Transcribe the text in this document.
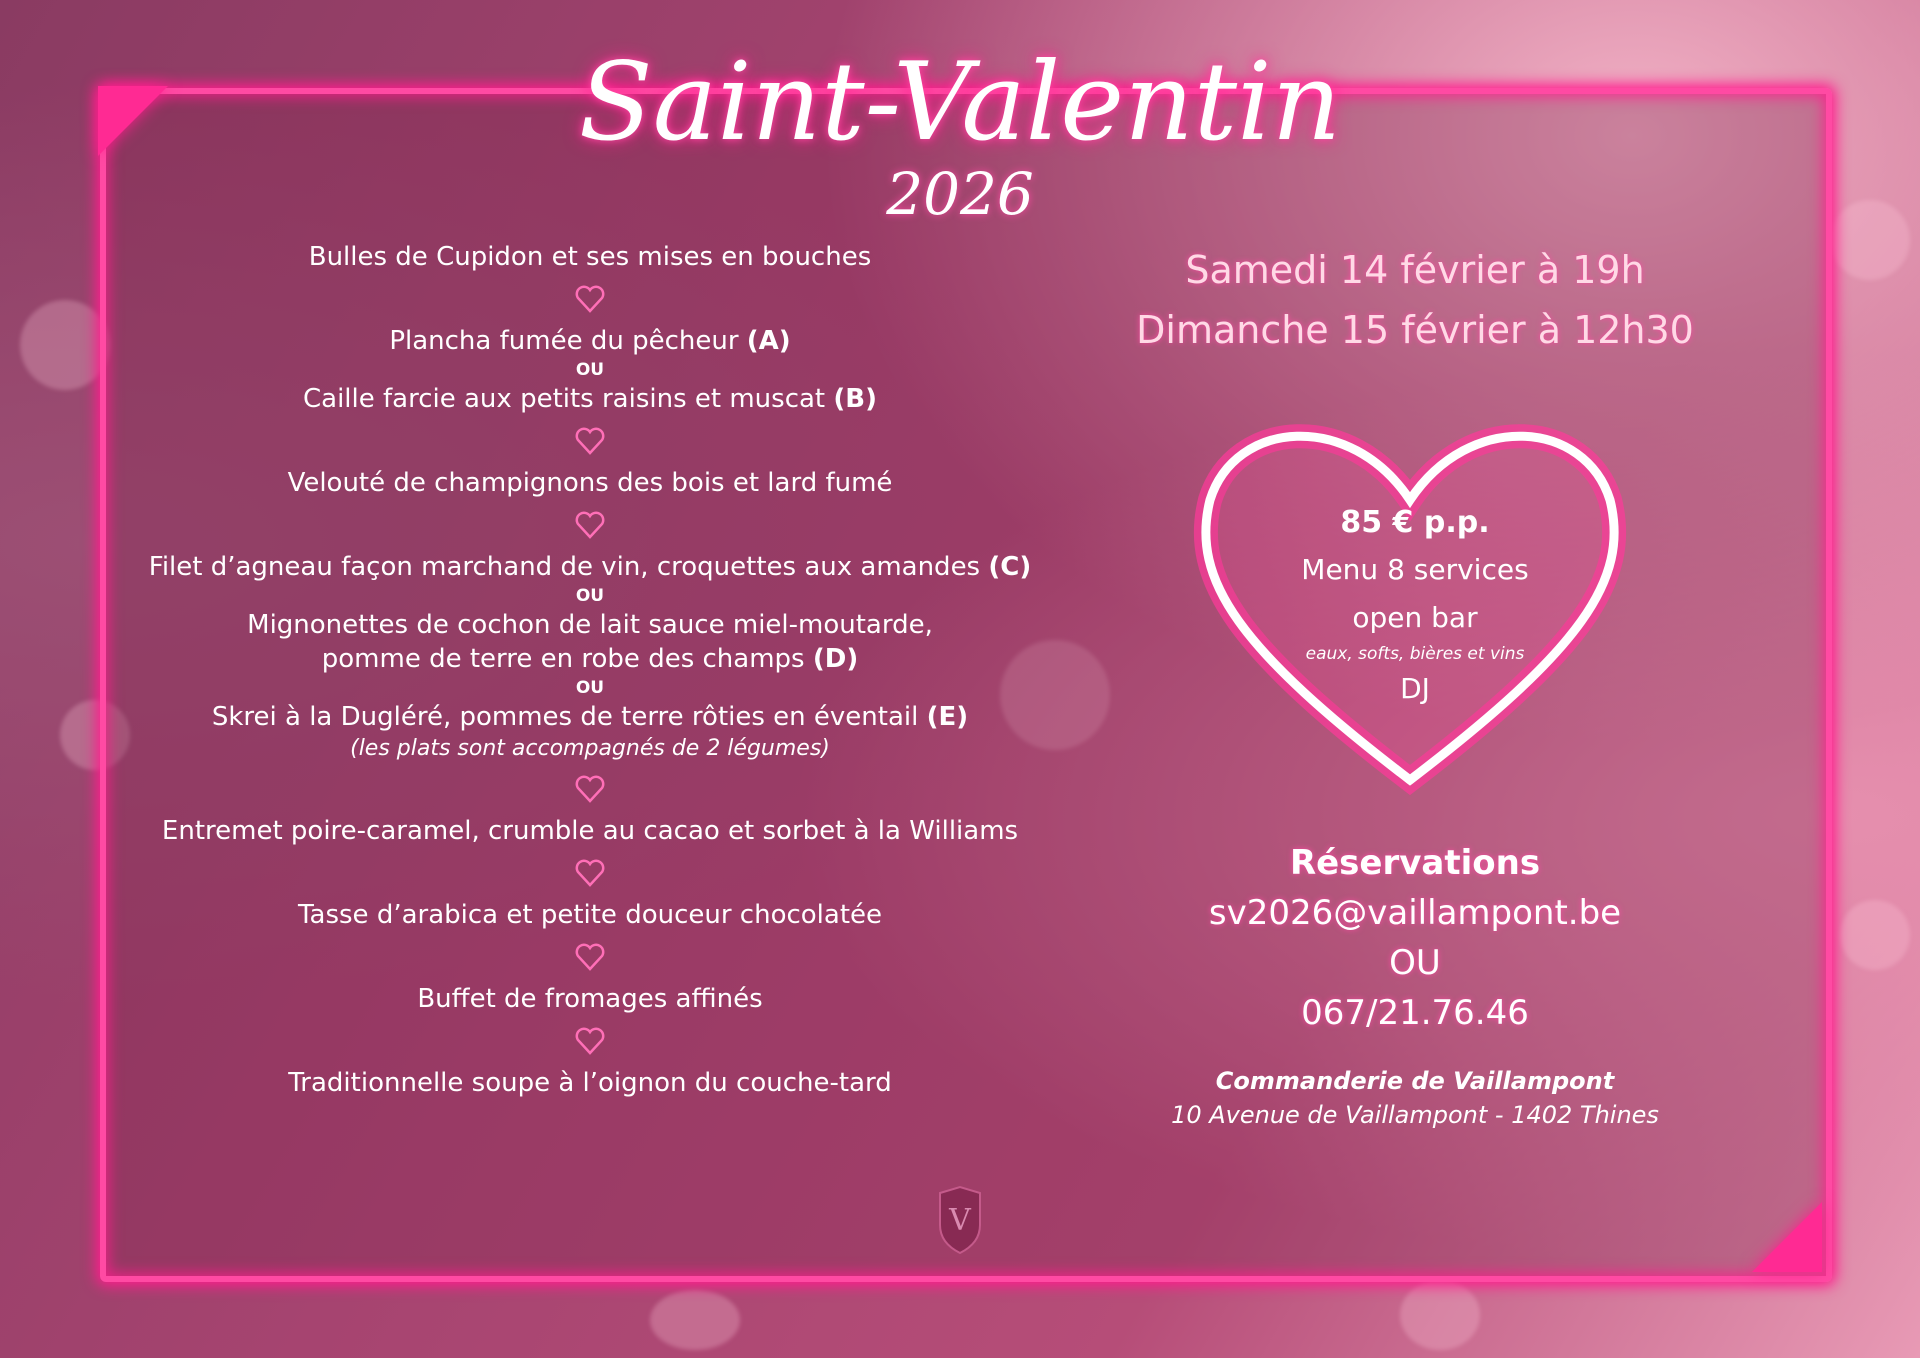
Saint-Valentin
2026
Bulles de Cupidon et ses mises en bouches
Plancha fumée du pêcheur (A)
OU
Caille farcie aux petits raisins et muscat (B)
Velouté de champignons des bois et lard fumé
Filet d’agneau façon marchand de vin, croquettes aux amandes (C)
OU
Mignonettes de cochon de lait sauce miel-moutarde,
pomme de terre en robe des champs (D)
OU
Skrei à la Dugléré, pommes de terre rôties en éventail (E)
(les plats sont accompagnés de 2 légumes)
Entremet poire-caramel, crumble au cacao et sorbet à la Williams
Tasse d’arabica et petite douceur chocolatée
Buffet de fromages affinés
Traditionnelle soupe à l’oignon du couche-tard
Samedi 14 février à 19h
Dimanche 15 février à 12h30
85 € p.p.
Menu 8 services
open bar
eaux, softs, bières et vins
DJ
Réservations
sv2026@vaillampont.be
OU
067/21.76.46
Commanderie de Vaillampont
10 Avenue de Vaillampont - 1402 Thines
V
